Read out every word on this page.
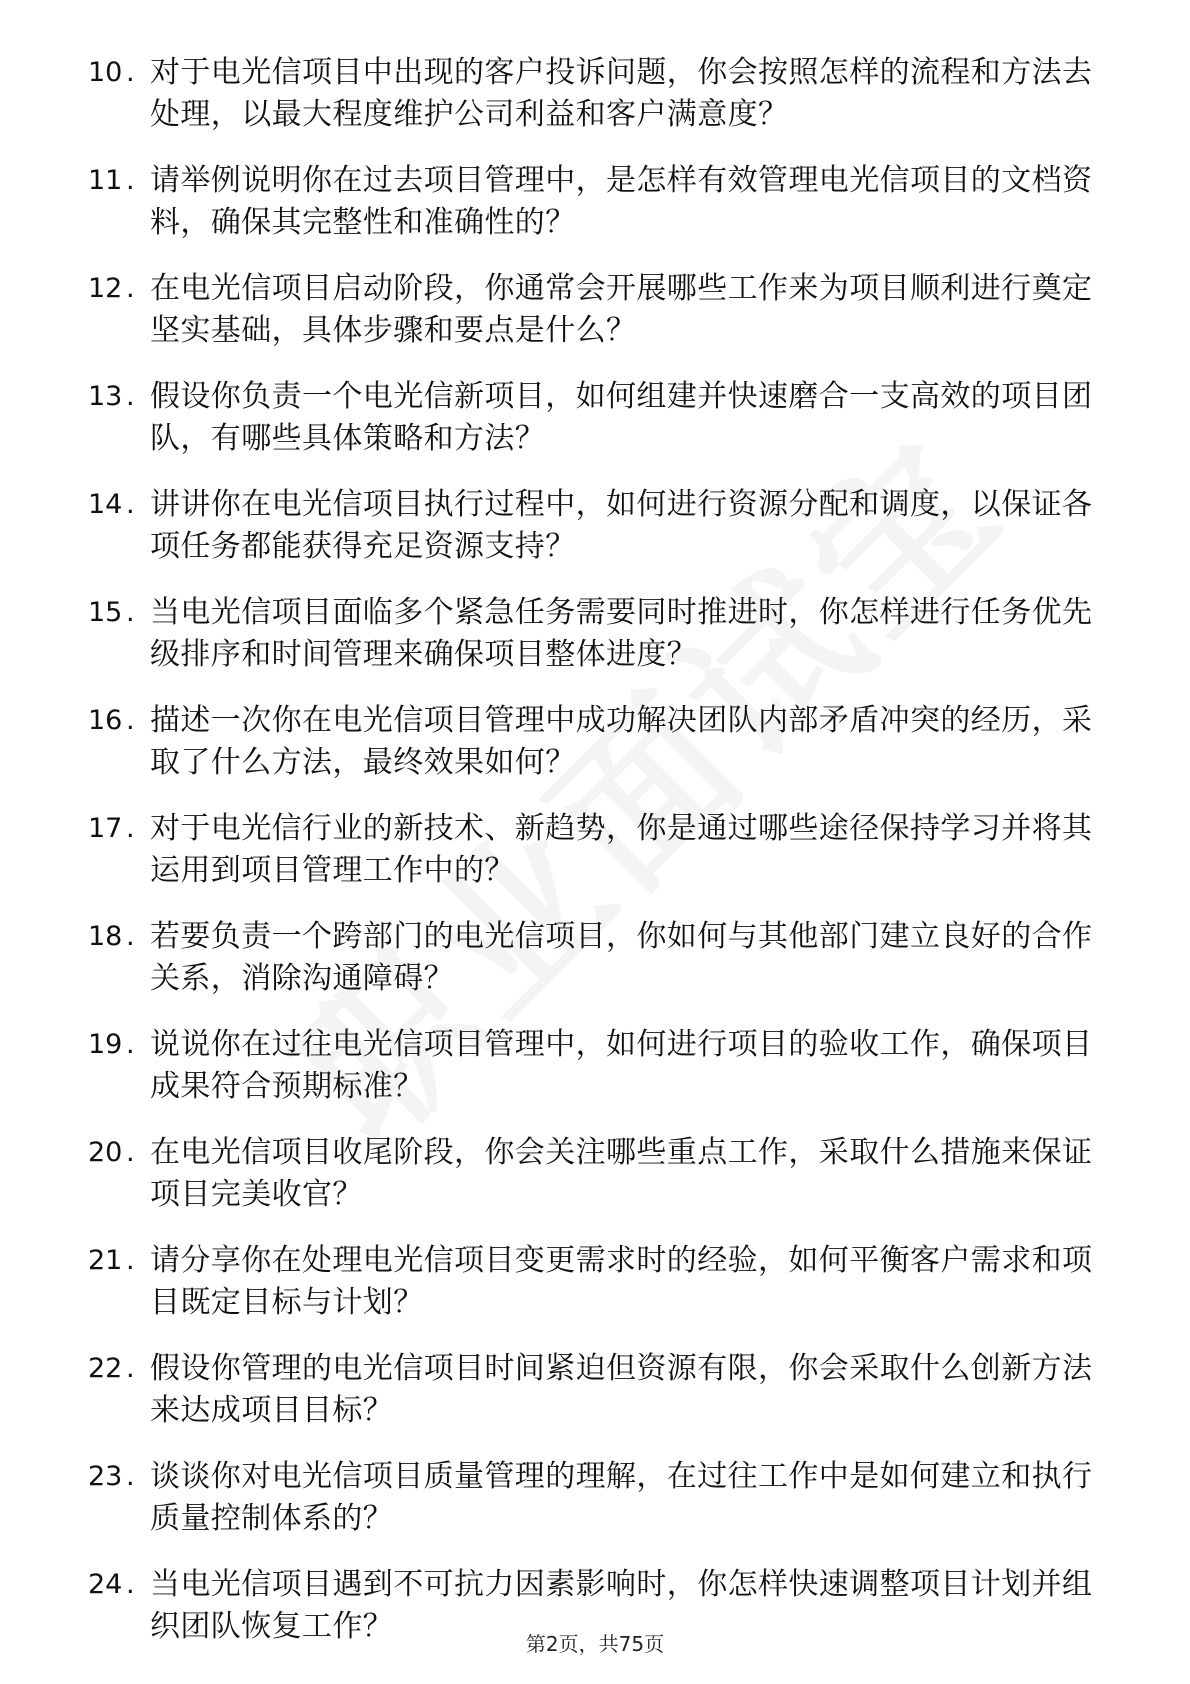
10 . 对于电光信项目中出现的客户投诉问题，你会按照怎样的流程和方法去处理，以最大程度维护公司利益和客户满意度？
11 . 请举例说明你在过去项目管理中，是怎样有效管理电光信项目的文档资料，确保其完整性和准确性的？
12 . 在电光信项目启动阶段，你通常会开展哪些工作来为项目顺利进行奠定坚实基础，具体步骤和要点是什么？
13 . 假设你负责一个电光信新项目，如何组建并快速磨合一支高效的项目团队，有哪些具体策略和方法？
14 . 讲讲你在电光信项目执行过程中，如何进行资源分配和调度，以保证各项任务都能获得充足资源支持？
15 . 当电光信项目面临多个紧急任务需要同时推进时，你怎样进行任务优先级排序和时间管理来确保项目整体进度？
16 . 描述一次你在电光信项目管理中成功解决团队内部矛盾冲突的经历，采取了什么方法，最终效果如何？
17 . 对于电光信行业的新技术、新趋势，你是通过哪些途径保持学习并将其运用到项目管理工作中的？
18 . 若要负责一个跨部门的电光信项目，你如何与其他部门建立良好的合作关系，消除沟通障碍？
19 . 说说你在过往电光信项目管理中，如何进行项目的验收工作，确保项目成果符合预期标准？
20 . 在电光信项目收尾阶段，你会关注哪些重点工作，采取什么措施来保证项目完美收官？
21 . 请分享你在处理电光信项目变更需求时的经验，如何平衡客户需求和项目既定目标与计划？
22 . 假设你管理的电光信项目时间紧迫但资源有限，你会采取什么创新方法来达成项目目标？
23 . 谈谈你对电光信项目质量管理的理解，在过往工作中是如何建立和执行质量控制体系的？
24 . 当电光信项目遇到不可抗力因素影响时，你怎样快速调整项目计划并组织团队恢复工作？	第2页，共75页
